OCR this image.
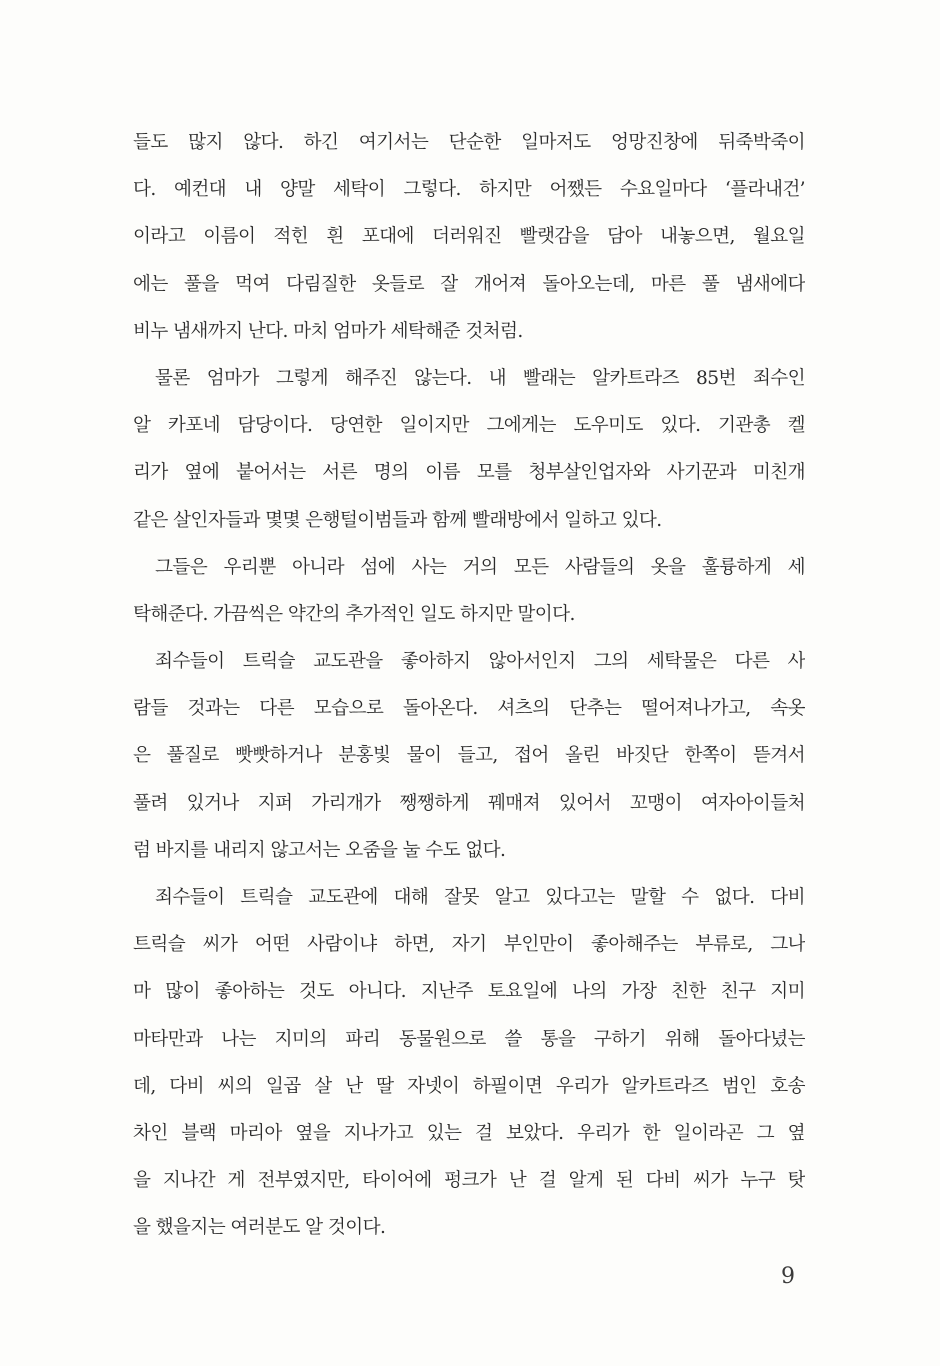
들도 많지 않다. 하긴 여기서는 단순한 일마저도 엉망진창에 뒤죽박죽이
다. 예컨대 내 양말 세탁이 그렇다. 하지만 어쨌든 수요일마다 ‘플라내건’
이라고 이름이 적힌 흰 포대에 더러워진 빨랫감을 담아 내놓으면, 월요일
에는 풀을 먹여 다림질한 옷들로 잘 개어져 돌아오는데, 마른 풀 냄새에다
비누 냄새까지 난다. 마치 엄마가 세탁해준 것처럼.
물론 엄마가 그렇게 해주진 않는다. 내 빨래는 알카트라즈 85번 죄수인
알 카포네 담당이다. 당연한 일이지만 그에게는 도우미도 있다. 기관총 켈
리가 옆에 붙어서는 서른 명의 이름 모를 청부살인업자와 사기꾼과 미친개
같은 살인자들과 몇몇 은행털이범들과 함께 빨래방에서 일하고 있다.
그들은 우리뿐 아니라 섬에 사는 거의 모든 사람들의 옷을 훌륭하게 세
탁해준다. 가끔씩은 약간의 추가적인 일도 하지만 말이다.
죄수들이 트릭슬 교도관을 좋아하지 않아서인지 그의 세탁물은 다른 사
람들 것과는 다른 모습으로 돌아온다. 셔츠의 단추는 떨어져나가고, 속옷
은 풀질로 빳빳하거나 분홍빛 물이 들고, 접어 올린 바짓단 한쪽이 뜯겨서
풀려 있거나 지퍼 가리개가 쨍쨍하게 꿰매져 있어서 꼬맹이 여자아이들처
럼 바지를 내리지 않고서는 오줌을 눌 수도 없다.
죄수들이 트릭슬 교도관에 대해 잘못 알고 있다고는 말할 수 없다. 다비
트릭슬 씨가 어떤 사람이냐 하면, 자기 부인만이 좋아해주는 부류로, 그나
마 많이 좋아하는 것도 아니다. 지난주 토요일에 나의 가장 친한 친구 지미
마타만과 나는 지미의 파리 동물원으로 쓸 통을 구하기 위해 돌아다녔는
데, 다비 씨의 일곱 살 난 딸 자넷이 하필이면 우리가 알카트라즈 범인 호송
차인 블랙 마리아 옆을 지나가고 있는 걸 보았다. 우리가 한 일이라곤 그 옆
을 지나간 게 전부였지만, 타이어에 펑크가 난 걸 알게 된 다비 씨가 누구 탓
을 했을지는 여러분도 알 것이다.
9
